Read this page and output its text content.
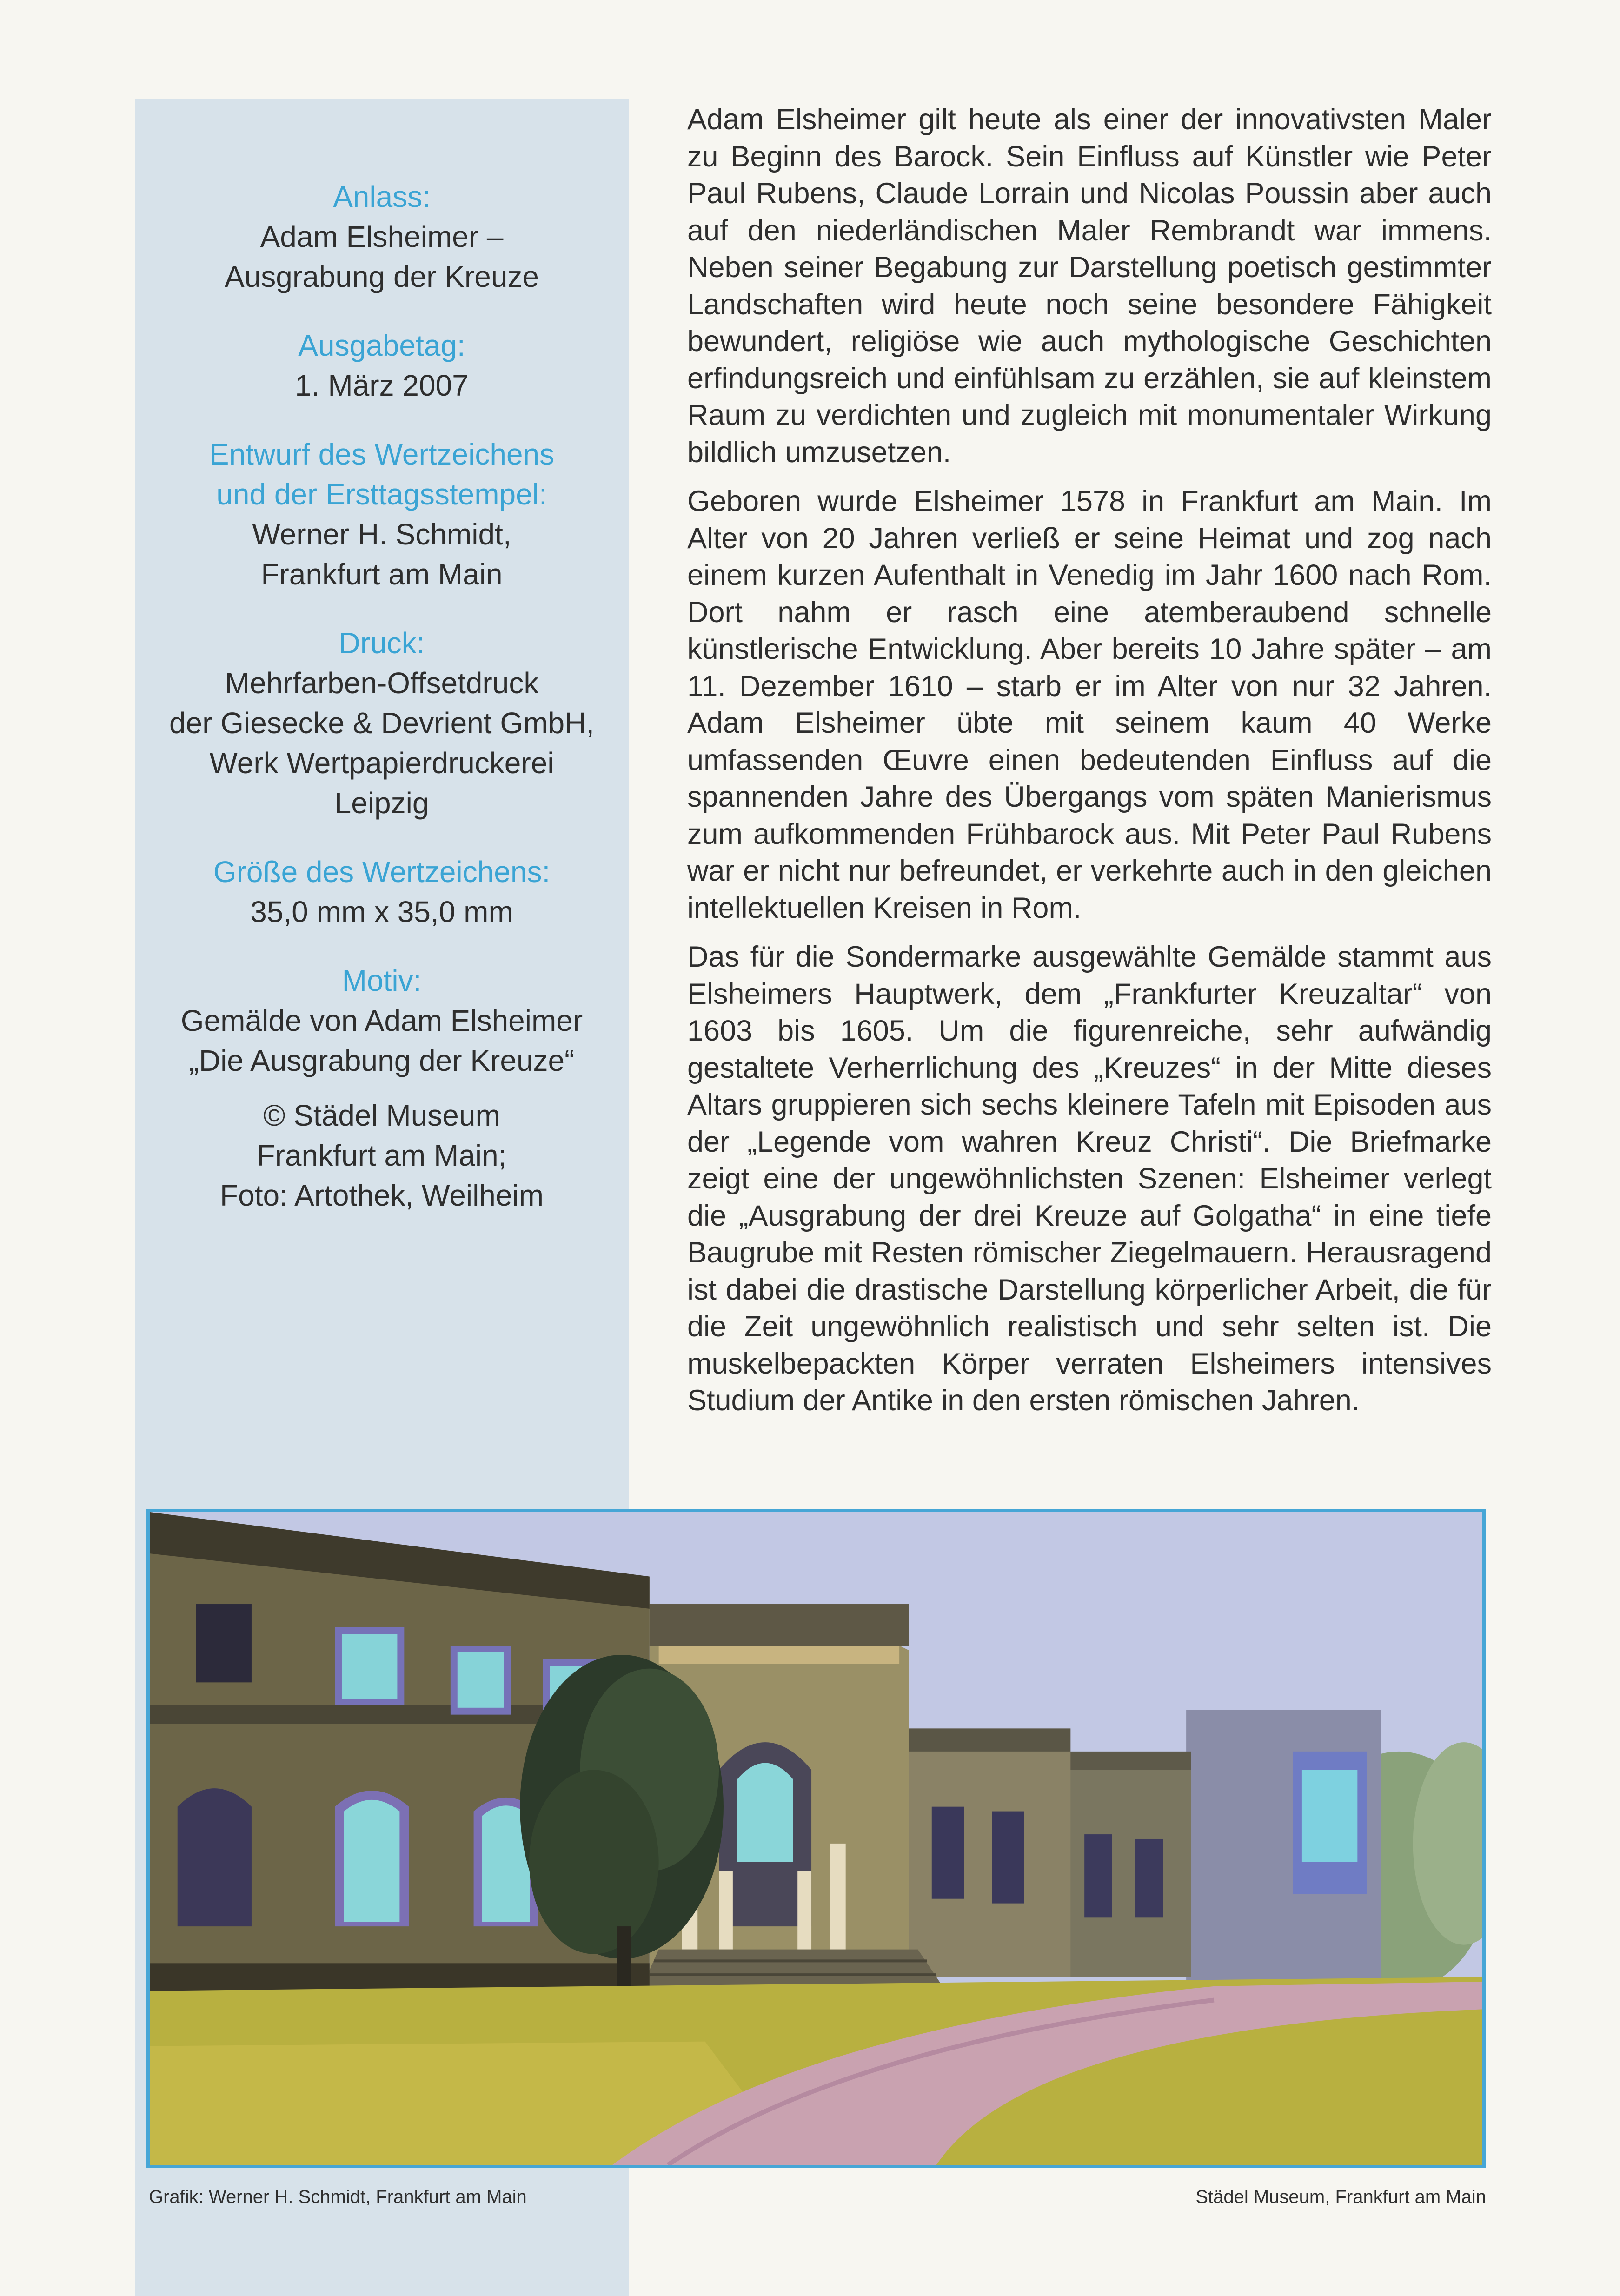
Anlass:
Adam Elsheimer –
Ausgrabung der Kreuze
Ausgabetag:
1. März 2007
Entwurf des Wertzeichens
und der Ersttagsstempel:
Werner H. Schmidt,
Frankfurt am Main
Druck:
Mehrfarben-Offsetdruck
der Giesecke & Devrient GmbH,
Werk Wertpapierdruckerei
Leipzig
Größe des Wertzeichens:
35,0 mm x 35,0 mm
Motiv:
Gemälde von Adam Elsheimer
„Die Ausgrabung der Kreuze“
© Städel Museum
Frankfurt am Main;
Foto: Artothek, Weilheim

Adam Elsheimer gilt heute als einer der innovativsten Maler zu Beginn des Barock. Sein Einfluss auf Künstler wie Peter Paul Rubens, Claude Lorrain und Nicolas Poussin aber auch auf den niederländischen Maler Rembrandt war immens. Neben seiner Begabung zur Darstellung poetisch gestimmter Landschaften wird heute noch seine besondere Fähigkeit bewundert, religiöse wie auch mythologische Geschichten erfindungsreich und einfühlsam zu erzählen, sie auf kleinstem Raum zu verdichten und zugleich mit monumentaler Wirkung bildlich umzusetzen.

Geboren wurde Elsheimer 1578 in Frankfurt am Main. Im Alter von 20 Jahren verließ er seine Heimat und zog nach einem kurzen Aufenthalt in Venedig im Jahr 1600 nach Rom. Dort nahm er rasch eine atemberaubend schnelle künstlerische Entwicklung. Aber bereits 10 Jahre später – am 11. Dezember 1610 – starb er im Alter von nur 32 Jahren. Adam Elsheimer übte mit seinem kaum 40 Werke umfassenden Œuvre einen bedeutenden Einfluss auf die spannenden Jahre des Übergangs vom späten Manierismus zum aufkommenden Frühbarock aus. Mit Peter Paul Rubens war er nicht nur befreundet, er verkehrte auch in den gleichen intellektuellen Kreisen in Rom.

Das für die Sondermarke ausgewählte Gemälde stammt aus Elsheimers Hauptwerk, dem „Frankfurter Kreuzaltar“ von 1603 bis 1605. Um die figurenreiche, sehr aufwändig gestaltete Verherrlichung des „Kreuzes“ in der Mitte dieses Altars gruppieren sich sechs kleinere Tafeln mit Episoden aus der „Legende vom wahren Kreuz Christi“. Die Briefmarke zeigt eine der ungewöhnlichsten Szenen: Elsheimer verlegt die „Ausgrabung der drei Kreuze auf Golgatha“ in eine tiefe Baugrube mit Resten römischer Ziegelmauern. Herausragend ist dabei die drastische Darstellung körperlicher Arbeit, die für die Zeit ungewöhnlich realistisch und sehr selten ist. Die muskelbepackten Körper verraten Elsheimers intensives Studium der Antike in den ersten römischen Jahren.

Grafik: Werner H. Schmidt, Frankfurt am Main	Städel Museum, Frankfurt am Main
